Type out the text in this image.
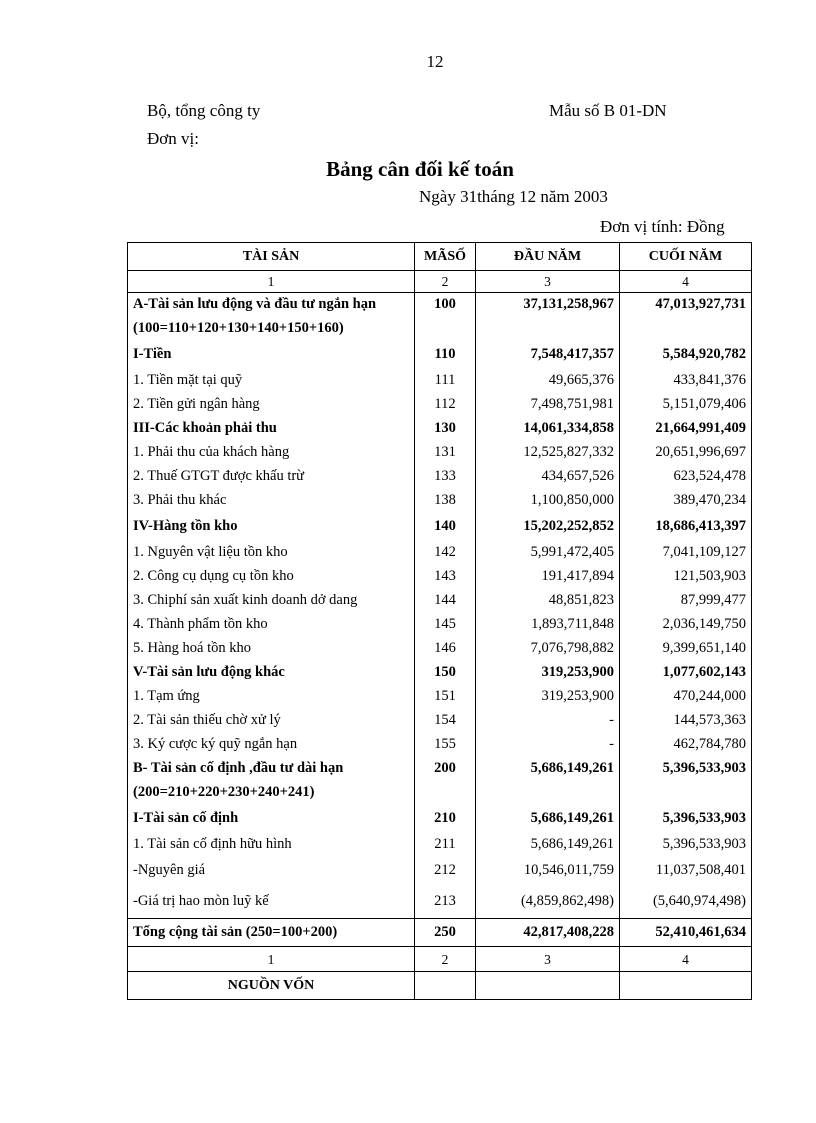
12
Bộ, tổng công ty	Mẫu số B 01-DN
Đơn vị:
Bảng cân đối kế toán
Ngày 31tháng 12 năm 2003
Đơn vị tính: Đồng
TÀI SẢN	MÃSỐ	ĐẦU NĂM	CUỐI NĂM
1	2	3	4
A-Tài sản lưu động và đầu tư ngắn hạn	100	37,131,258,967	47,013,927,731
(100=110+120+130+140+150+160)			
I-Tiền	110	7,548,417,357	5,584,920,782
1. Tiền mặt tại quỹ	111	49,665,376	433,841,376
2. Tiền gửi ngân hàng	112	7,498,751,981	5,151,079,406
III-Các khoản phải thu	130	14,061,334,858	21,664,991,409
1. Phải thu của khách hàng	131	12,525,827,332	20,651,996,697
2. Thuế GTGT được khấu trừ	133	434,657,526	623,524,478
3. Phải thu khác	138	1,100,850,000	389,470,234
IV-Hàng tồn kho	140	15,202,252,852	18,686,413,397
1. Nguyên vật liệu tồn kho	142	5,991,472,405	7,041,109,127
2. Công cụ dụng cụ tồn kho	143	191,417,894	121,503,903
3. Chiphí sản xuất kinh doanh dở dang	144	48,851,823	87,999,477
4. Thành phẩm tồn kho	145	1,893,711,848	2,036,149,750
5. Hàng hoá tồn kho	146	7,076,798,882	9,399,651,140
V-Tài sản lưu động khác	150	319,253,900	1,077,602,143
1. Tạm ứng	151	319,253,900	470,244,000
2. Tài sản thiếu chờ xử lý	154	-	144,573,363
3. Ký cược ký quỹ ngắn hạn	155	-	462,784,780
B- Tài sản cố định ,đầu tư dài hạn	200	5,686,149,261	5,396,533,903
(200=210+220+230+240+241)			
I-Tài sản cố định	210	5,686,149,261	5,396,533,903
1. Tài sản cố định hữu hình	211	5,686,149,261	5,396,533,903
-Nguyên giá	212	10,546,011,759	11,037,508,401
-Giá trị hao mòn luỹ kế	213	(4,859,862,498)	(5,640,974,498)
Tổng cộng tài sản (250=100+200)	250	42,817,408,228	52,410,461,634
1	2	3	4
NGUỒN VỐN			
